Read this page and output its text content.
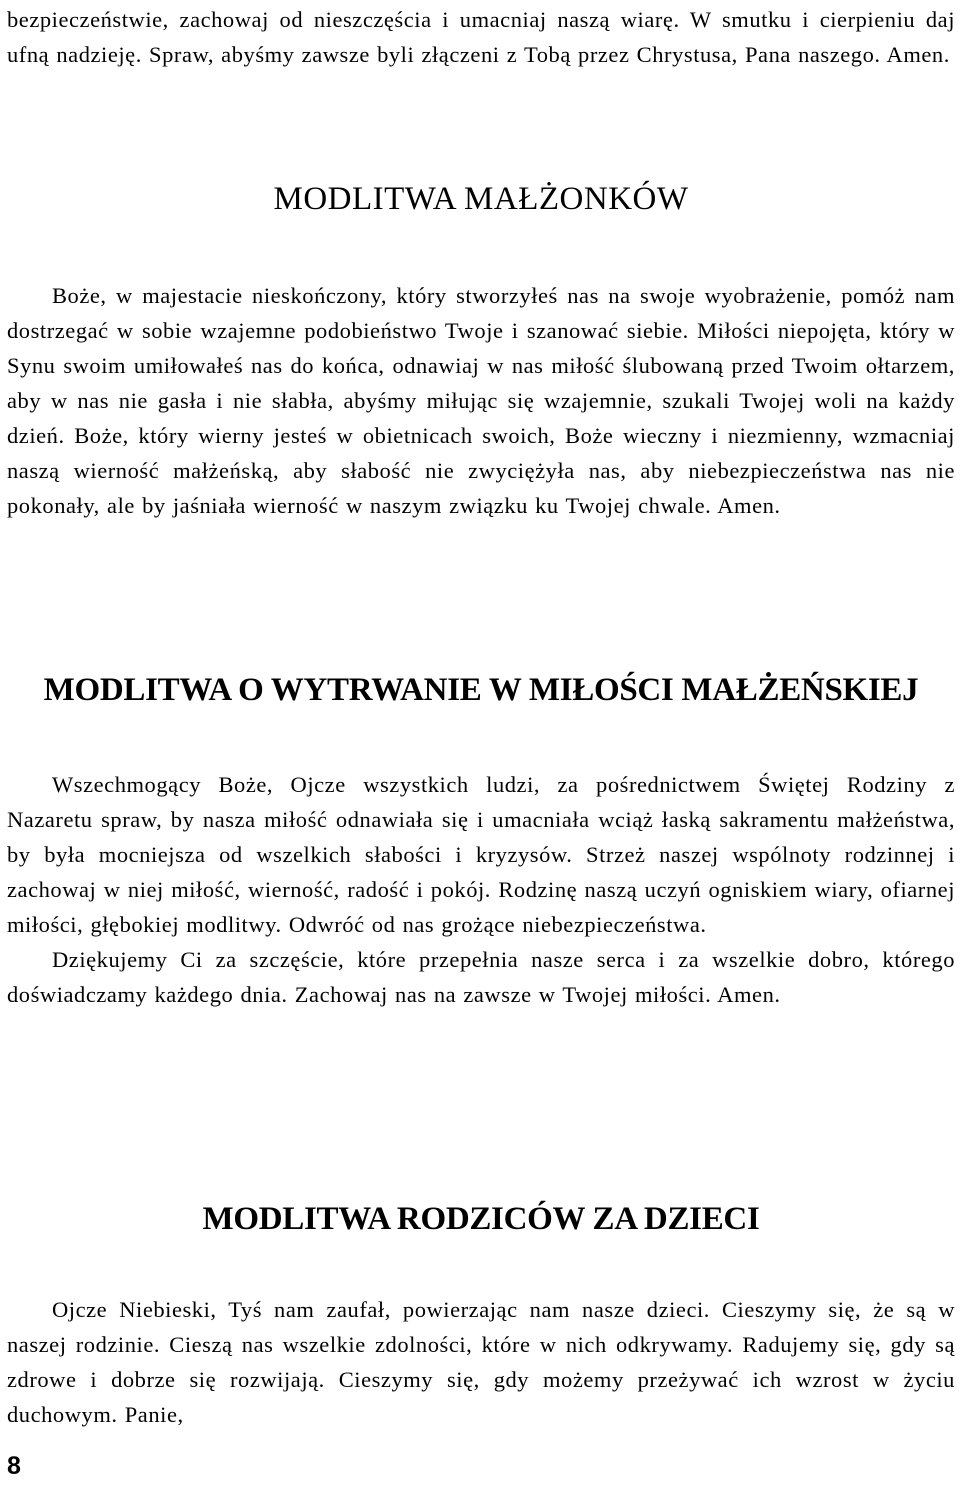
bezpieczeństwie, zachowaj od nieszczęścia i umacniaj naszą wiarę. W smutku i cierpieniu daj ufną nadzieję. Spraw, abyśmy zawsze byli złączeni z Tobą przez Chrystusa, Pana naszego. Amen.

MODLITWA MAŁŻONKÓW

Boże, w majestacie nieskończony, który stworzyłeś nas na swoje wyobrażenie, pomóż nam dostrzegać w sobie wzajemne podobieństwo Twoje i szanować siebie. Miłości niepojęta, który w Synu swoim umiłowałeś nas do końca, odnawiaj w nas miłość ślubowaną przed Twoim ołtarzem, aby w nas nie gasła i nie słabła, abyśmy miłując się wzajemnie, szukali Twojej woli na każdy dzień. Boże, który wierny jesteś w obietnicach swoich, Boże wieczny i niezmienny, wzmacniaj naszą wierność małżeńską, aby słabość nie zwyciężyła nas, aby niebezpieczeństwa nas nie pokonały, ale by jaśniała wierność w naszym związku ku Twojej chwale. Amen.

MODLITWA O WYTRWANIE W MIŁOŚCI MAŁŻEŃSKIEJ

Wszechmogący Boże, Ojcze wszystkich ludzi, za pośrednictwem Świętej Rodziny z Nazaretu spraw, by nasza miłość odnawiała się i umacniała wciąż łaską sakramentu małżeństwa, by była mocniejsza od wszelkich słabości i kryzysów. Strzeż naszej wspólnoty rodzinnej i zachowaj w niej miłość, wierność, radość i pokój. Rodzinę naszą uczyń ogniskiem wiary, ofiarnej miłości, głębokiej modlitwy. Odwróć od nas grożące niebezpieczeństwa.

Dziękujemy Ci za szczęście, które przepełnia nasze serca i za wszelkie dobro, którego doświadczamy każdego dnia. Zachowaj nas na zawsze w Twojej miłości. Amen.

MODLITWA RODZICÓW ZA DZIECI

Ojcze Niebieski, Tyś nam zaufał, powierzając nam nasze dzieci. Cieszymy się, że są w naszej rodzinie. Cieszą nas wszelkie zdolności, które w nich odkrywamy. Radujemy się, gdy są zdrowe i dobrze się rozwijają. Cieszymy się, gdy możemy przeżywać ich wzrost w życiu duchowym. Panie,

8
